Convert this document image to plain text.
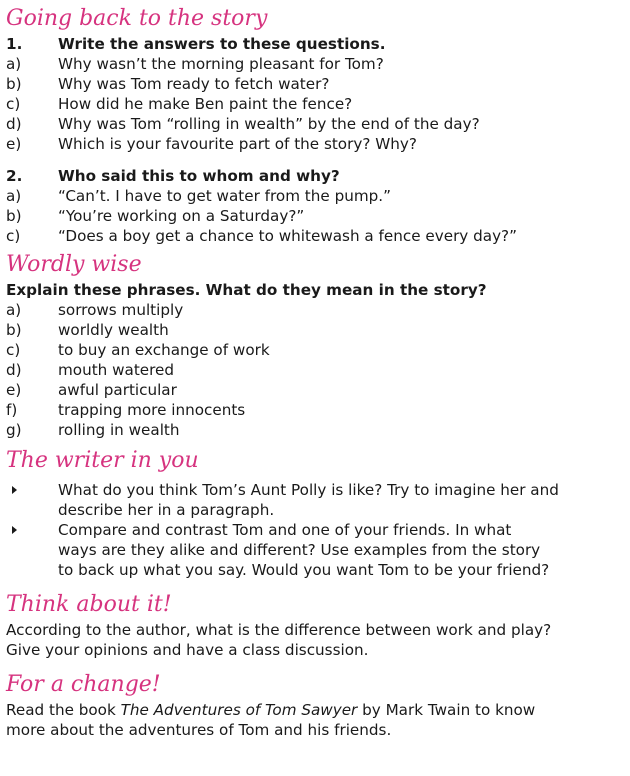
Going back to the story
1.	Write the answers to these questions.
a)	Why wasn’t the morning pleasant for Tom?
b)	Why was Tom ready to fetch water?
c)	How did he make Ben paint the fence?
d)	Why was Tom “rolling in wealth” by the end of the day?
e)	Which is your favourite part of the story? Why?
2.	Who said this to whom and why?
a)	“Can’t. I have to get water from the pump.”
b)	“You’re working on a Saturday?”
c)	“Does a boy get a chance to whitewash a fence every day?”
Wordly wise
Explain these phrases. What do they mean in the story?
a)	sorrows multiply
b)	worldly wealth
c)	to buy an exchange of work
d)	mouth watered
e)	awful particular
f)	trapping more innocents
g)	rolling in wealth
The writer in you
What do you think Tom’s Aunt Polly is like? Try to imagine her and
describe her in a paragraph.
Compare and contrast Tom and one of your friends. In what
ways are they alike and different? Use examples from the story
to back up what you say. Would you want Tom to be your friend?
Think about it!
According to the author, what is the difference between work and play?
Give your opinions and have a class discussion.
For a change!
Read the book The Adventures of Tom Sawyer by Mark Twain to know
more about the adventures of Tom and his friends.
